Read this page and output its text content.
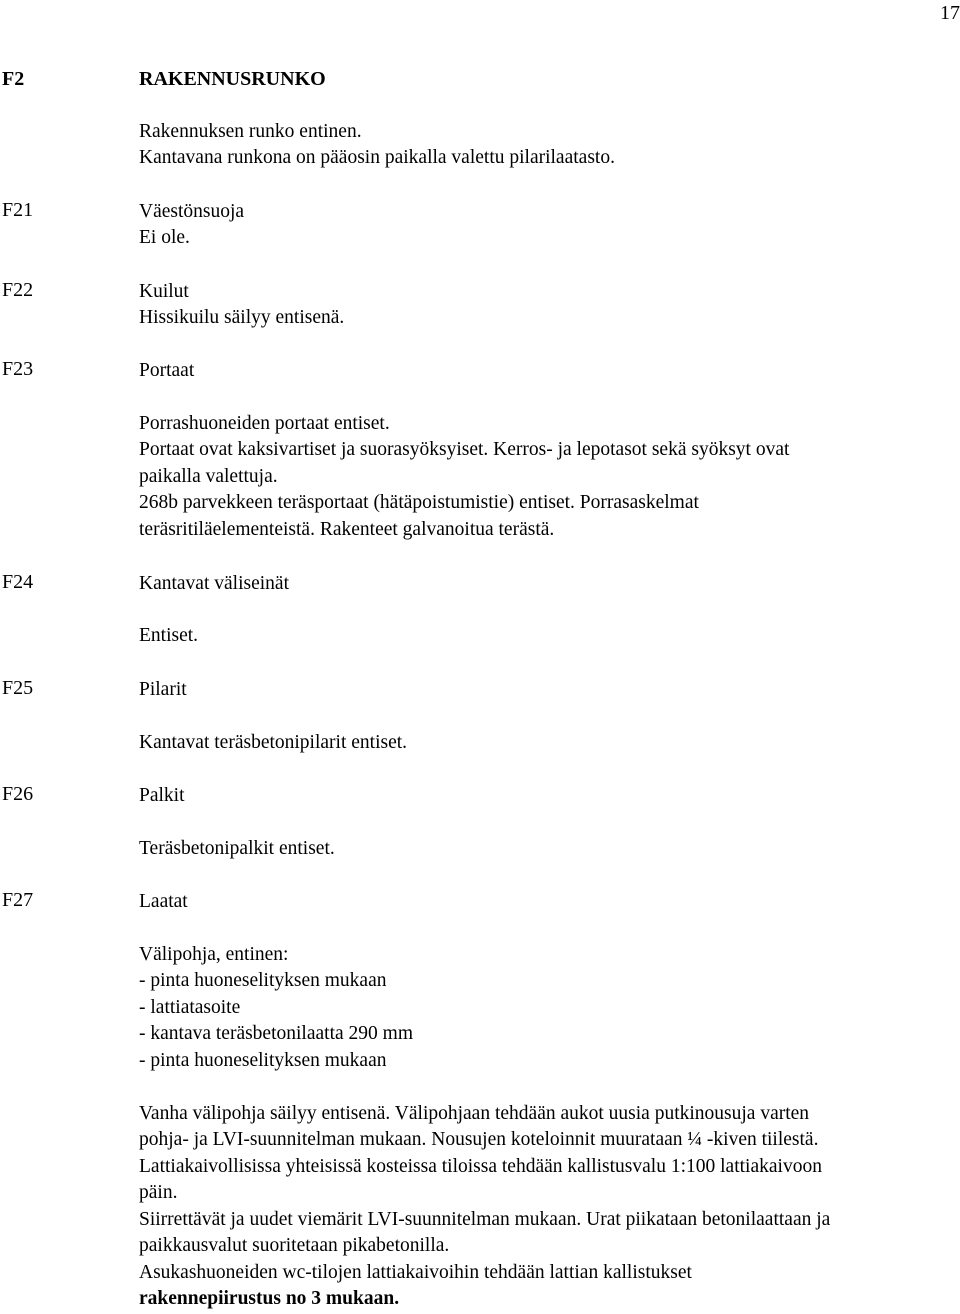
17
F2	RAKENNUSRUNKO
Rakennuksen runko entinen.
Kantavana runkona on pääosin paikalla valettu pilarilaatasto.
F21	Väestönsuoja
Ei ole.
F22	Kuilut
Hissikuilu säilyy entisenä.
F23	Portaat
Porrashuoneiden portaat entiset.
Portaat ovat kaksivartiset ja suorasyöksyiset. Kerros- ja lepotasot sekä syöksyt ovat
paikalla valettuja.
268b parvekkeen teräsportaat (hätäpoistumistie) entiset. Porrasaskelmat
teräsritiläelementeistä. Rakenteet galvanoitua terästä.
F24	Kantavat väliseinät
Entiset.
F25	Pilarit
Kantavat teräsbetonipilarit entiset.
F26	Palkit
Teräsbetonipalkit entiset.
F27	Laatat
Välipohja, entinen:
- pinta huoneselityksen mukaan
- lattiatasoite
- kantava teräsbetonilaatta 290 mm
- pinta huoneselityksen mukaan
Vanha välipohja säilyy entisenä. Välipohjaan tehdään aukot uusia putkinousuja varten
pohja- ja LVI-suunnitelman mukaan. Nousujen koteloinnit muurataan ¼ -kiven tiilestä.
Lattiakaivollisissa yhteisissä kosteissa tiloissa tehdään kallistusvalu 1:100 lattiakaivoon
päin.
Siirrettävät ja uudet viemärit LVI-suunnitelman mukaan. Urat piikataan betonilaattaan ja
paikkausvalut suoritetaan pikabetonilla.
Asukashuoneiden wc-tilojen lattiakaivoihin tehdään lattian kallistukset
rakennepiirustus no 3 mukaan.
